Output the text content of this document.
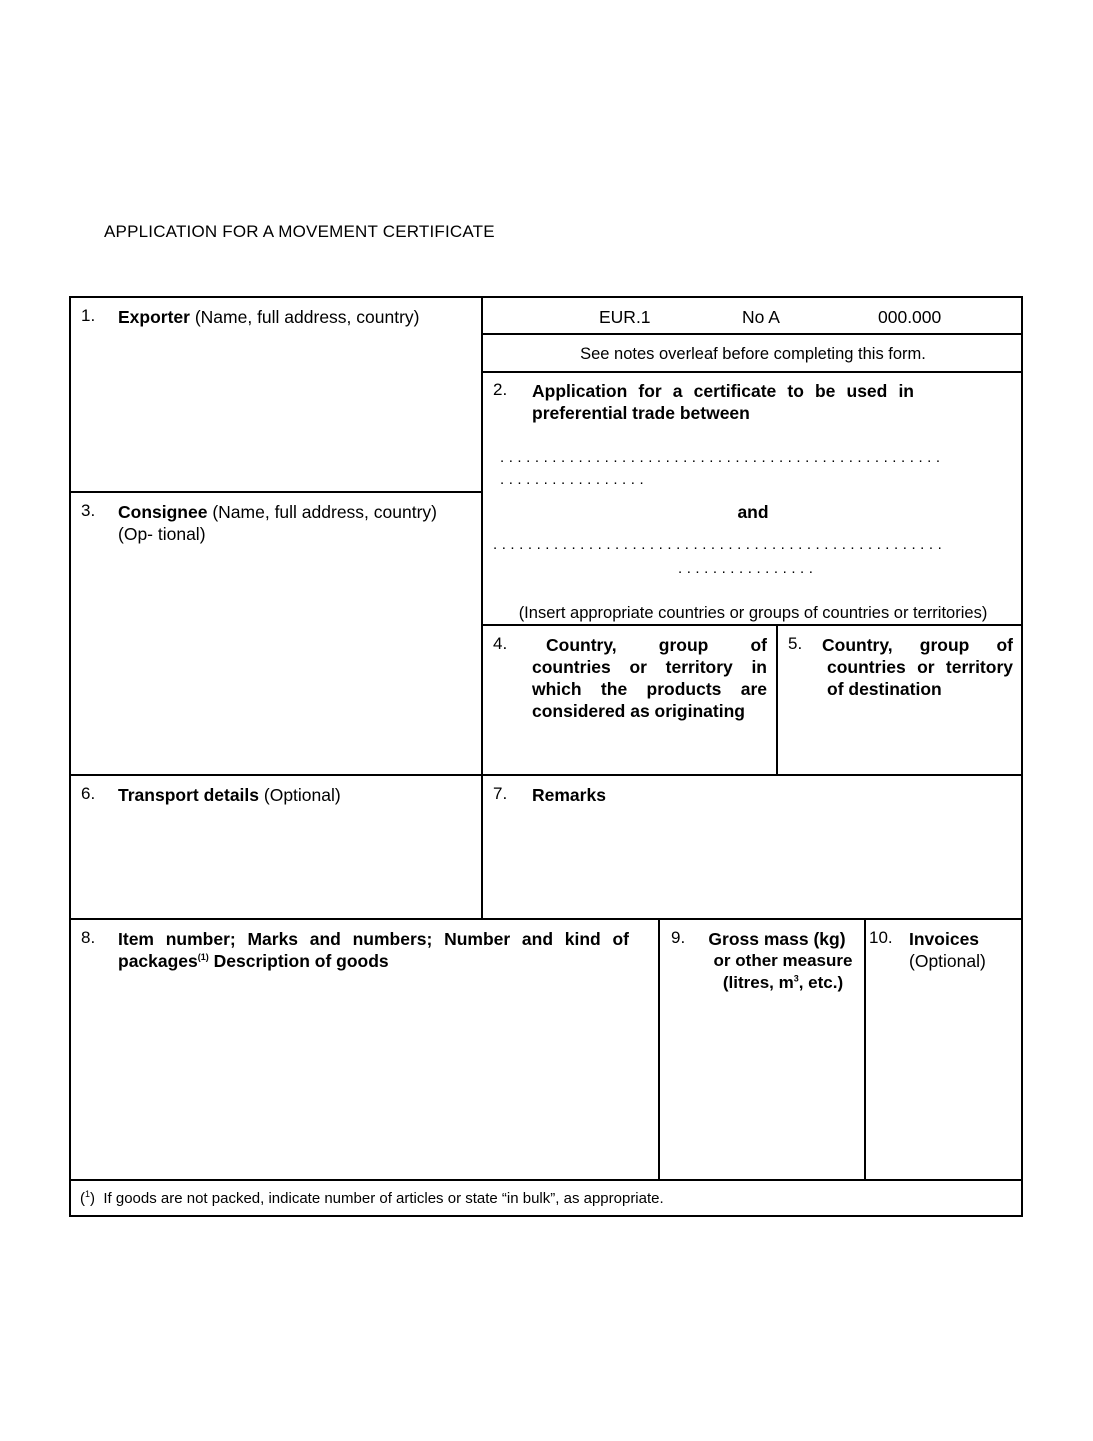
APPLICATION FOR A MOVEMENT CERTIFICATE
EUR.1	No A	000.000
See notes overleaf before completing this form.
1. Exporter (Name, full address, country)
2. Application for a certificate to be used in preferential trade between
...................................................
.................
and
....................................................
................
(Insert appropriate countries or groups of countries or territories)
3. Consignee (Name, full address, country) (Op- tional)
4.	Country, group of countries or territory in which the products are considered as originating
5. Country, group of countries or territory of destination
6. Transport details (Optional)	7. Remarks
8. Item number; Marks and numbers; Number and kind of packages$^{(1)}$ Description of goods
9.	Gross mass (kg)
or other measure
(litres, $m^3$, etc.)
10. Invoices
(Optional)
($^1$) If goods are not packed, indicate number of articles or state “in bulk”, as appropriate.
